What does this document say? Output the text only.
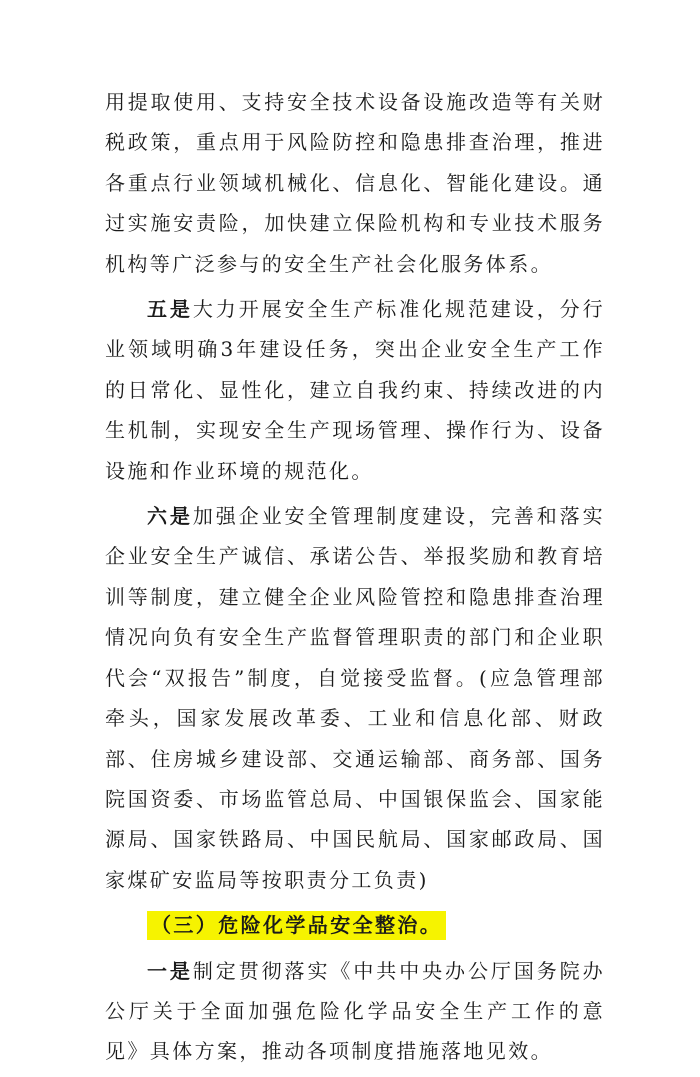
用提取使用、支持安全技术设备设施改造等有关财税政策，重点用于风险防控和隐患排查治理，推进各重点行业领域机械化、信息化、智能化建设。通过实施安责险，加快建立保险机构和专业技术服务机构等广泛参与的安全生产社会化服务体系。

五是大力开展安全生产标准化规范建设，分行业领域明确3年建设任务，突出企业安全生产工作的日常化、显性化，建立自我约束、持续改进的内生机制，实现安全生产现场管理、操作行为、设备设施和作业环境的规范化。

六是加强企业安全管理制度建设，完善和落实企业安全生产诚信、承诺公告、举报奖励和教育培训等制度，建立健全企业风险管控和隐患排查治理情况向负有安全生产监督管理职责的部门和企业职代会“双报告”制度，自觉接受监督。(应急管理部牵头，国家发展改革委、工业和信息化部、财政部、住房城乡建设部、交通运输部、商务部、国务院国资委、市场监管总局、中国银保监会、国家能源局、国家铁路局、中国民航局、国家邮政局、国家煤矿安监局等按职责分工负责)

（三）危险化学品安全整治。

一是制定贯彻落实《中共中央办公厅国务院办公厅关于全面加强危险化学品安全生产工作的意见》具体方案，推动各项制度措施落地见效。
